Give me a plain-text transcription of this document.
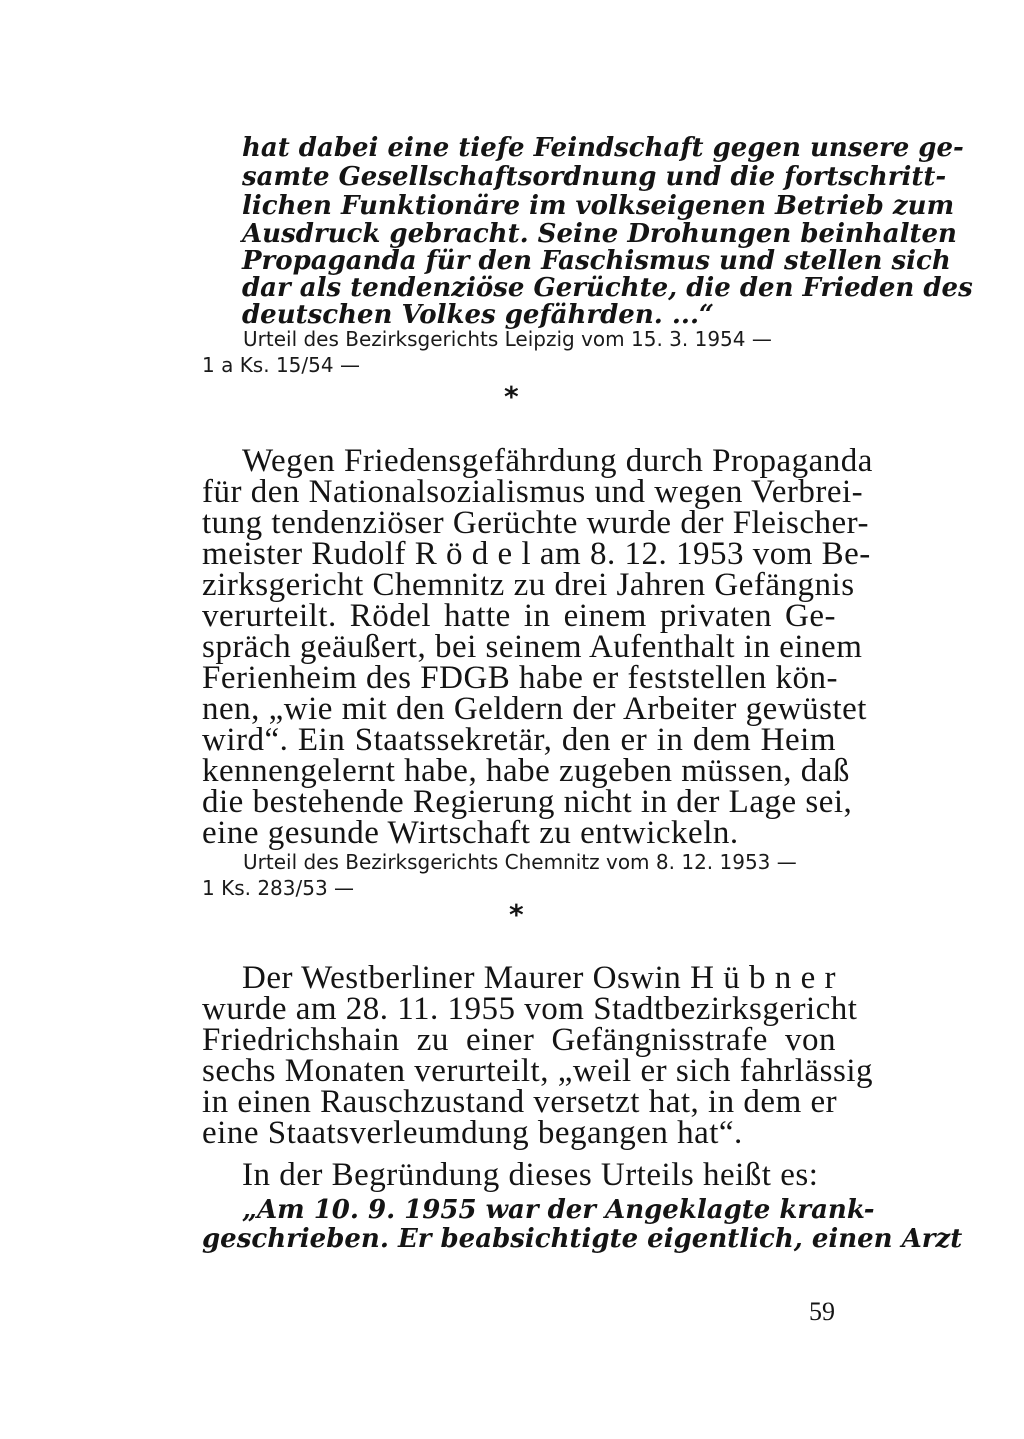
hat dabei eine tiefe Feindschaft gegen unsere ge-
samte Gesellschaftsordnung und die fortschritt-
lichen Funktionäre im volkseigenen Betrieb zum
Ausdruck gebracht. Seine Drohungen beinhalten
Propaganda für den Faschismus und stellen sich
dar als tendenziöse Gerüchte, die den Frieden des
deutschen Volkes gefährden. ...“
Urteil des Bezirksgerichts Leipzig vom 15. 3. 1954 —
1 a Ks. 15/54 —
*
Wegen Friedensgefährdung durch Propaganda
für den Nationalsozialismus und wegen Verbrei-
tung tendenziöser Gerüchte wurde der Fleischer-
meister Rudolf R ö d e l am 8. 12. 1953 vom Be-
zirksgericht Chemnitz zu drei Jahren Gefängnis
verurteilt. Rödel hatte in einem privaten Ge-
spräch geäußert, bei seinem Aufenthalt in einem
Ferienheim des FDGB habe er feststellen kön-
nen, „wie mit den Geldern der Arbeiter gewüstet
wird“. Ein Staatssekretär, den er in dem Heim
kennengelernt habe, habe zugeben müssen, daß
die bestehende Regierung nicht in der Lage sei,
eine gesunde Wirtschaft zu entwickeln.
Urteil des Bezirksgerichts Chemnitz vom 8. 12. 1953 —
1 Ks. 283/53 —
*
Der Westberliner Maurer Oswin H ü b n e r
wurde am 28. 11. 1955 vom Stadtbezirksgericht
Friedrichshain zu einer Gefängnisstrafe von
sechs Monaten verurteilt, „weil er sich fahrlässig
in einen Rauschzustand versetzt hat, in dem er
eine Staatsverleumdung begangen hat“.
In der Begründung dieses Urteils heißt es:
„Am 10. 9. 1955 war der Angeklagte krank-
geschrieben. Er beabsichtigte eigentlich, einen Arzt
59
